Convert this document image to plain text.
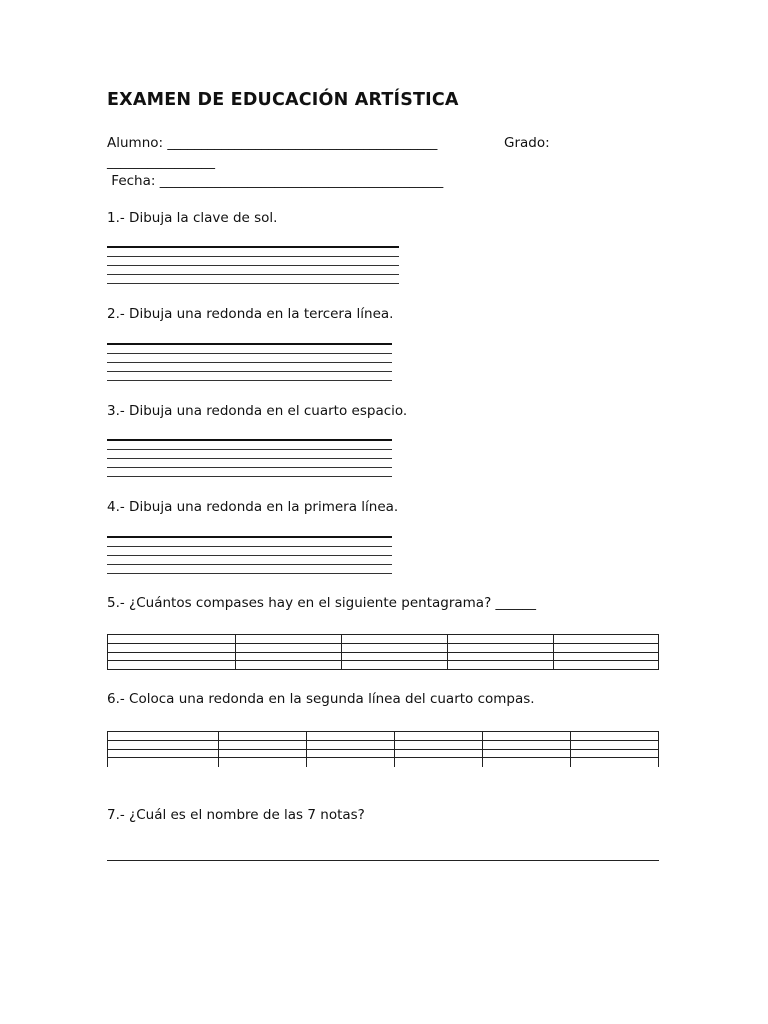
EXAMEN DE EDUCACIÓN ARTÍSTICA
Alumno: ________________________________________	Grado:
________________
Fecha: __________________________________________
1.- Dibuja la clave de sol.
2.- Dibuja una redonda en la tercera línea.
3.- Dibuja una redonda en el cuarto espacio.
4.- Dibuja una redonda en la primera línea.
5.- ¿Cuántos compases hay en el siguiente pentagrama? ______
6.- Coloca una redonda en la segunda línea del cuarto compas.
7.- ¿Cuál es el nombre de las 7 notas?
